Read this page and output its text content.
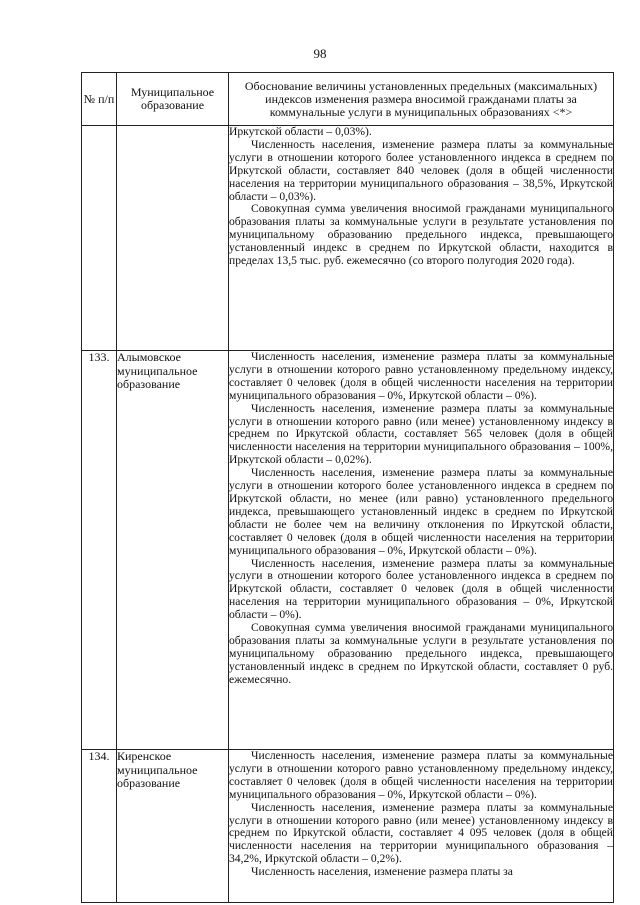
98
№ п/п	Муниципальное образование	Обоснование величины установленных предельных (максимальных) индексов изменения размера вносимой гражданами платы за коммунальные услуги в муниципальных образованиях <*>

		Иркутской области – 0,03%).

Численность населения, изменение размера платы за коммунальные услуги в отношении которого более установленного индекса в среднем по Иркутской области, составляет 840 человек (доля в общей численности населения на территории муниципального образования – 38,5%, Иркутской области – 0,03%).

Совокупная сумма увеличения вносимой гражданами муниципального образования платы за коммунальные услуги в результате установления по муниципальному образованию предельного индекса, превышающего установленный индекс в среднем по Иркутской области, находится в пределах 13,5 тыс. руб. ежемесячно (со второго полугодия 2020 года).

133.	Алымовское муниципальное образование	Численность населения, изменение размера платы за коммунальные услуги в отношении которого равно установленному предельному индексу, составляет 0 человек (доля в общей численности населения на территории муниципального образования – 0%, Иркутской области – 0%).

Численность населения, изменение размера платы за коммунальные услуги в отношении которого равно (или менее) установленному индексу в среднем по Иркутской области, составляет 565 человек (доля в общей численности населения на территории муниципального образования – 100%, Иркутской области – 0,02%).

Численность населения, изменение размера платы за коммунальные услуги в отношении которого более установленного индекса в среднем по Иркутской области, но менее (или равно) установленного предельного индекса, превышающего установленный индекс в среднем по Иркутской области не более чем на величину отклонения по Иркутской области, составляет 0 человек (доля в общей численности населения на территории муниципального образования – 0%, Иркутской области – 0%).

Численность населения, изменение размера платы за коммунальные услуги в отношении которого более установленного индекса в среднем по Иркутской области, составляет 0 человек (доля в общей численности населения на территории муниципального образования – 0%, Иркутской области – 0%).

Совокупная сумма увеличения вносимой гражданами муниципального образования платы за коммунальные услуги в результате установления по муниципальному образованию предельного индекса, превышающего установленный индекс в среднем по Иркутской области, составляет 0 руб. ежемесячно.

134.	Киренское муниципальное образование	Численность населения, изменение размера платы за коммунальные услуги в отношении которого равно установленному предельному индексу, составляет 0 человек (доля в общей численности населения на территории муниципального образования – 0%, Иркутской области – 0%).

Численность населения, изменение размера платы за коммунальные услуги в отношении которого равно (или менее) установленному индексу в среднем по Иркутской области, составляет 4 095 человек (доля в общей численности населения на территории муниципального образования – 34,2%, Иркутской области – 0,2%).

Численность населения, изменение размера платы за
